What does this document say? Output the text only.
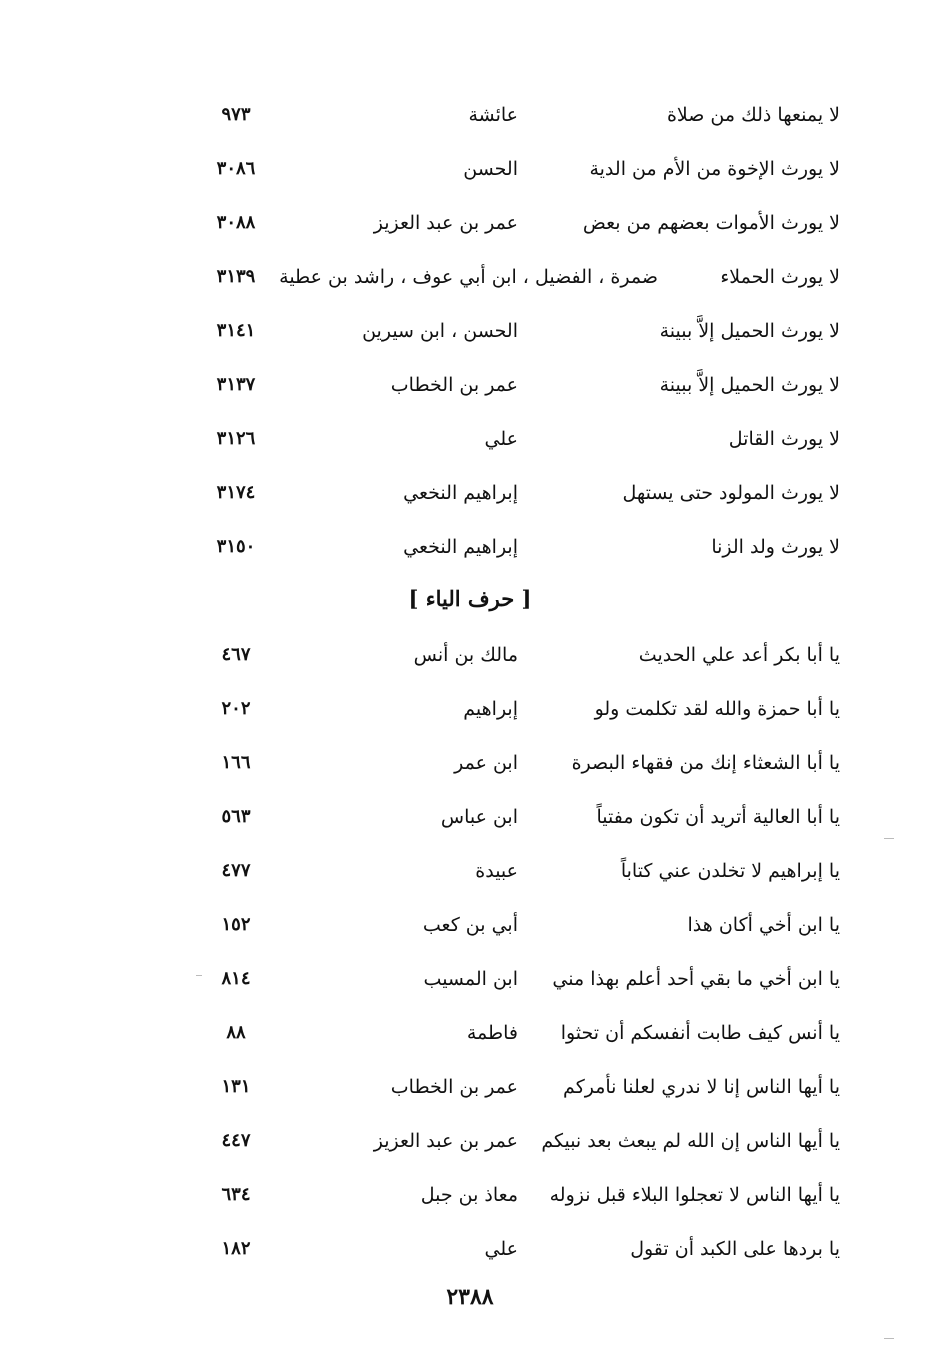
لا يمنعها ذلك من صلاة
عائشة
٩٧٣
لا يورث الإخوة من الأم من الدية
الحسن
٣٠٨٦
لا يورث الأموات بعضهم من بعض
عمر بن عبد العزيز
٣٠٨٨
لا يورث الحملاء
ضمرة ، الفضيل ، ابن أبي عوف ، راشد بن عطية
٣١٣٩
لا يورث الحميل إلاَّ ببينة
الحسن ، ابن سيرين
٣١٤١
لا يورث الحميل إلاَّ ببينة
عمر بن الخطاب
٣١٣٧
لا يورث القاتل
علي
٣١٢٦
لا يورث المولود حتى يستهل
إبراهيم النخعي
٣١٧٤
لا يورث ولد الزنا
إبراهيم النخعي
٣١٥٠
[ حرف الياء ]
يا أبا بكر أعد علي الحديث
مالك بن أنس
٤٦٧
يا أبا حمزة والله لقد تكلمت ولو
إبراهيم
٢٠٢
يا أبا الشعثاء إنك من فقهاء البصرة
ابن عمر
١٦٦
يا أبا العالية أتريد أن تكون مفتياً
ابن عباس
٥٦٣
يا إبراهيم لا تخلدن عني كتاباً
عبيدة
٤٧٧
يا ابن أخي أكان هذا
أبي بن كعب
١٥٢
يا ابن أخي ما بقي أحد أعلم بهذا مني
ابن المسيب
٨١٤
يا أنس كيف طابت أنفسكم أن تحثوا
فاطمة
٨٨
يا أيها الناس إنا لا ندري لعلنا نأمركم
عمر بن الخطاب
١٣١
يا أيها الناس إن الله لم يبعث بعد نبيكم
عمر بن عبد العزيز
٤٤٧
يا أيها الناس لا تعجلوا البلاء قبل نزوله
معاذ بن جبل
٦٣٤
يا بردها على الكبد أن تقول
علي
١٨٢
٢٣٨٨
